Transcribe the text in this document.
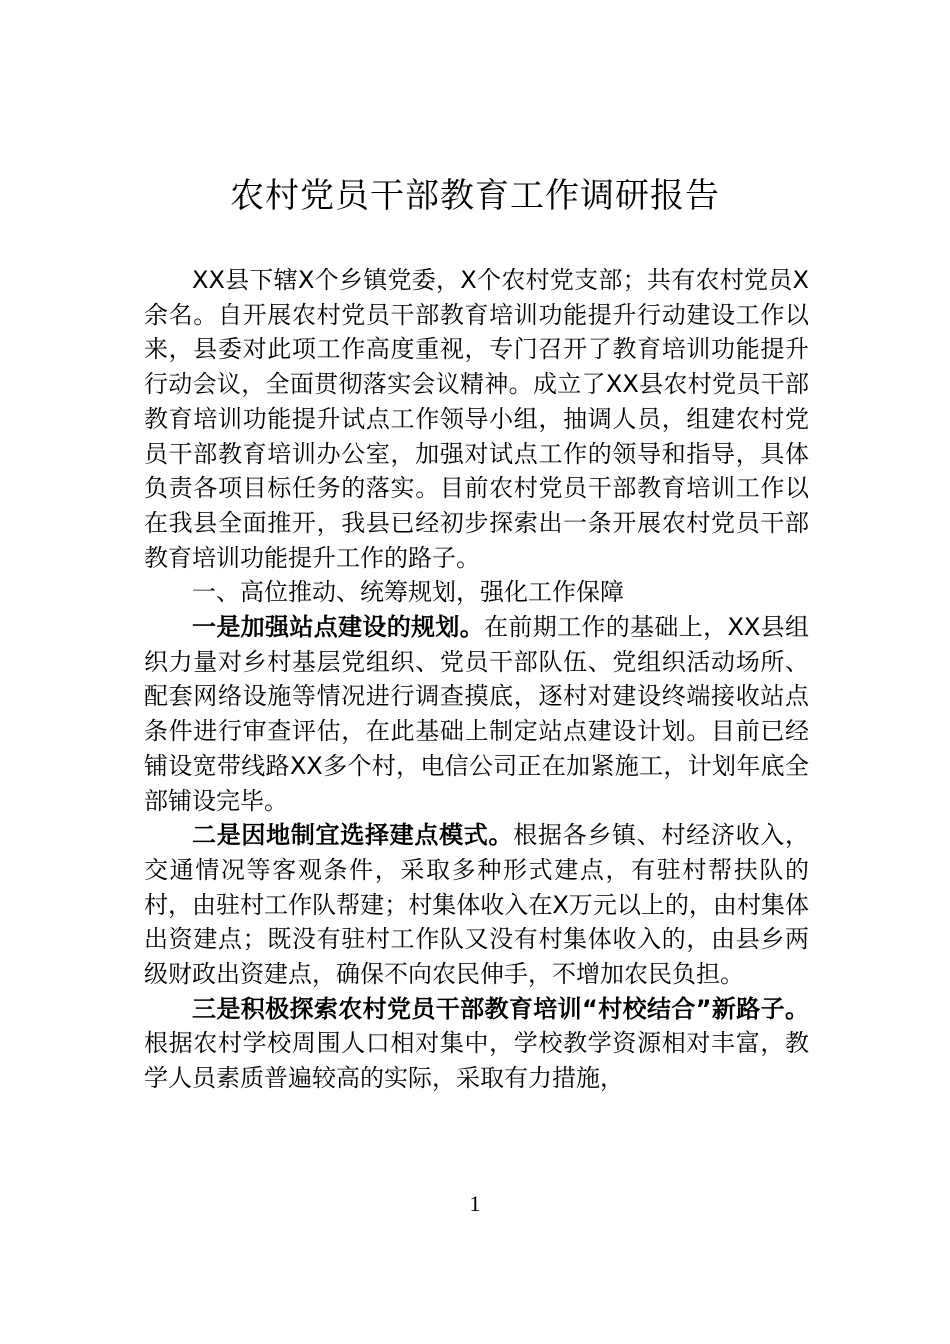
农村党员干部教育工作调研报告

XX县下辖X个乡镇党委，X个农村党支部；共有农村党员X余名。自开展农村党员干部教育培训功能提升行动建设工作以来，县委对此项工作高度重视，专门召开了教育培训功能提升行动会议，全面贯彻落实会议精神。成立了XX县农村党员干部教育培训功能提升试点工作领导小组，抽调人员，组建农村党员干部教育培训办公室，加强对试点工作的领导和指导，具体负责各项目标任务的落实。目前农村党员干部教育培训工作以在我县全面推开，我县已经初步探索出一条开展农村党员干部教育培训功能提升工作的路子。

一、高位推动、统筹规划，强化工作保障

一是加强站点建设的规划。在前期工作的基础上，XX县组织力量对乡村基层党组织、党员干部队伍、党组织活动场所、配套网络设施等情况进行调查摸底，逐村对建设终端接收站点条件进行审查评估，在此基础上制定站点建设计划。目前已经铺设宽带线路XX多个村，电信公司正在加紧施工，计划年底全部铺设完毕。

二是因地制宜选择建点模式。根据各乡镇、村经济收入，交通情况等客观条件，采取多种形式建点，有驻村帮扶队的村，由驻村工作队帮建；村集体收入在X万元以上的，由村集体出资建点；既没有驻村工作队又没有村集体收入的，由县乡两级财政出资建点，确保不向农民伸手，不增加农民负担。

三是积极探索农村党员干部教育培训“村校结合”新路子。根据农村学校周围人口相对集中，学校教学资源相对丰富，教学人员素质普遍较高的实际，采取有力措施，

1
